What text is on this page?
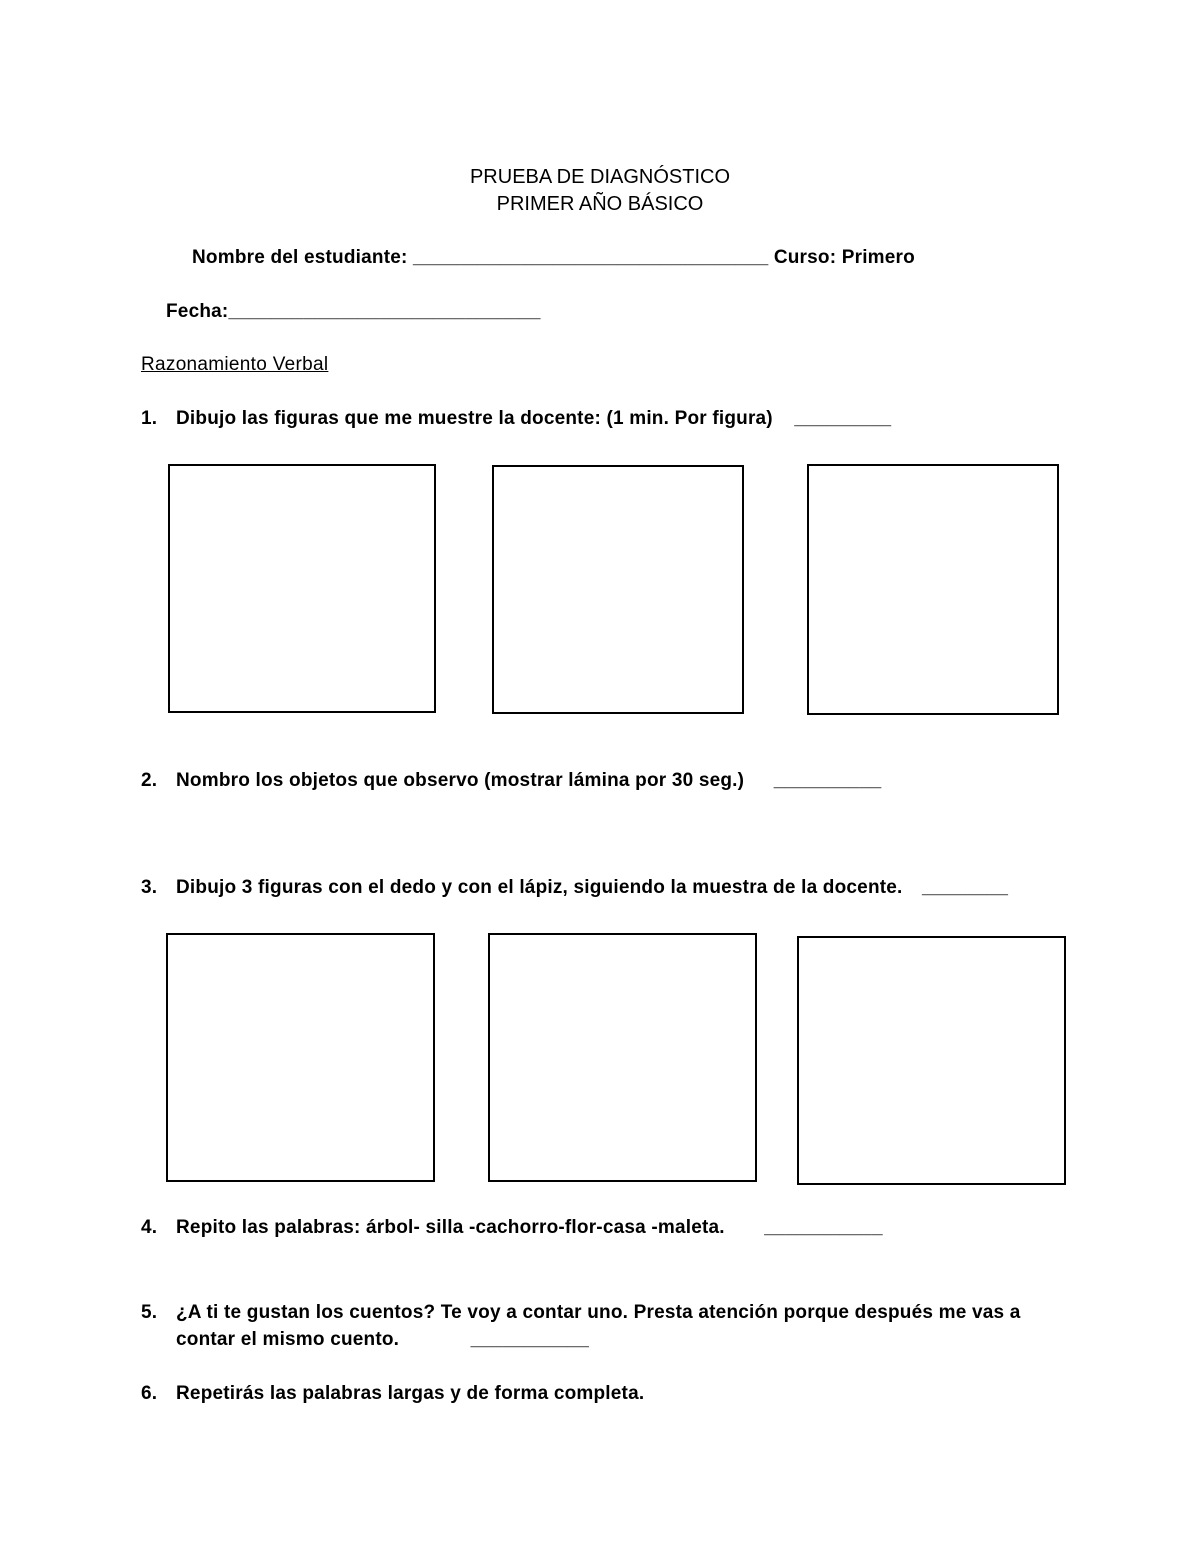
PRUEBA DE DIAGNÓSTICO
PRIMER AÑO BÁSICO
Nombre del estudiante: _________________________________ Curso: Primero
Fecha:_____________________________
Razonamiento Verbal
1. Dibujo las figuras que me muestre la docente: (1 min. Por figura) _________
2. Nombro los objetos que observo (mostrar lámina por 30 seg.) __________
3. Dibujo 3 figuras con el dedo y con el lápiz, siguiendo la muestra de la docente. ________
4. Repito las palabras: árbol- silla -cachorro-flor-casa -maleta. ___________
5. ¿A ti te gustan los cuentos? Te voy a contar uno. Presta atención porque después me vas a
contar el mismo cuento.	___________
6. Repetirás las palabras largas y de forma completa.
